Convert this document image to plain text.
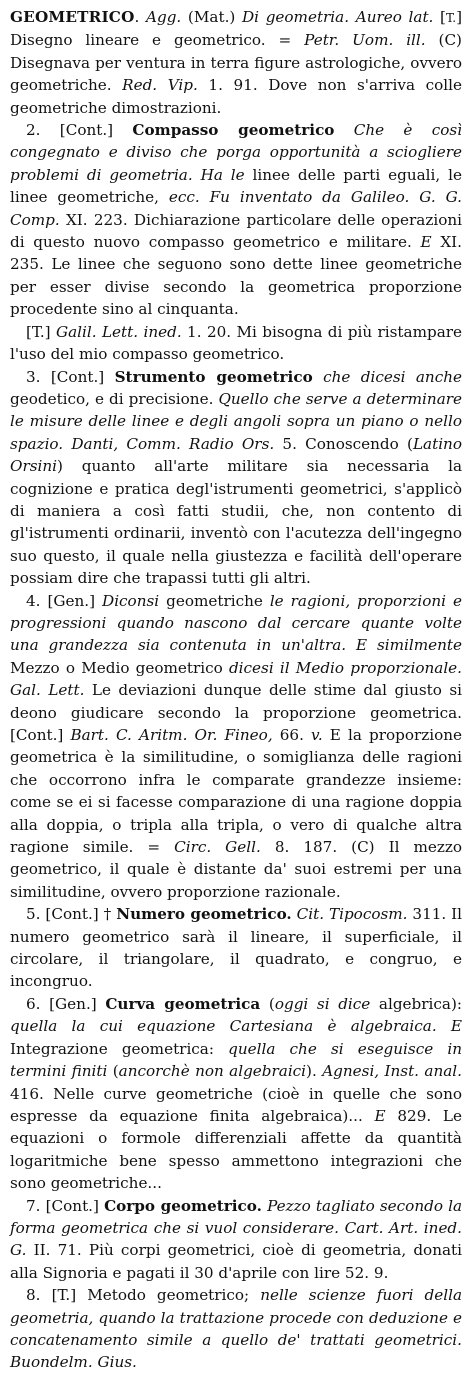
GEOMETRICO. Agg. (Mat.) Di geometria. Aureo lat. [T.] Disegno lineare e geometrico. = Petr. Uom. ill. (C) Disegnava per ventura in terra figure astrologiche, ovvero geometriche. Red. Vip. 1. 91. Dove non s'arriva colle geometriche dimostrazioni.

2. [Cont.] Compasso geometrico Che è così congegnato e diviso che porga opportunità a sciogliere problemi di geometria. Ha le linee delle parti eguali, le linee geometriche, ecc. Fu inventato da Galileo. G. G. Comp. XI. 223. Dichiarazione particolare delle operazioni di questo nuovo compasso geometrico e militare. E XI. 235. Le linee che seguono sono dette linee geometriche per esser divise secondo la geometrica proporzione procedente sino al cinquanta.

[T.] Galil. Lett. ined. 1. 20. Mi bisogna di più ristampare l'uso del mio compasso geometrico.

3. [Cont.] Strumento geometrico che dicesi anche geodetico, e di precisione. Quello che serve a determinare le misure delle linee e degli angoli sopra un piano o nello spazio. Danti, Comm. Radio Ors. 5. Conoscendo (Latino Orsini) quanto all'arte militare sia necessaria la cognizione e pratica degl'istrumenti geometrici, s'applicò di maniera a così fatti studii, che, non contento di gl'istrumenti ordinarii, inventò con l'acutezza dell'ingegno suo questo, il quale nella giustezza e facilità dell'operare possiam dire che trapassi tutti gli altri.

4. [Gen.] Diconsi geometriche le ragioni, proporzioni e progressioni quando nascono dal cercare quante volte una grandezza sia contenuta in un'altra. E similmente Mezzo o Medio geometrico dicesi il Medio proporzionale. Gal. Lett. Le deviazioni dunque delle stime dal giusto si deono giudicare secondo la proporzione geometrica. [Cont.] Bart. C. Aritm. Or. Fineo, 66. v. E la proporzione geometrica è la similitudine, o somiglianza delle ragioni che occorrono infra le comparate grandezze insieme: come se ei si facesse comparazione di una ragione doppia alla doppia, o tripla alla tripla, o vero di qualche altra ragione simile. = Circ. Gell. 8. 187. (C) Il mezzo geometrico, il quale è distante da' suoi estremi per una similitudine, ovvero proporzione razionale.

5. [Cont.] † Numero geometrico. Cit. Tipocosm. 311. Il numero geometrico sarà il lineare, il superficiale, il circolare, il triangolare, il quadrato, e congruo, e incongruo.

6. [Gen.] Curva geometrica (oggi si dice algebrica): quella la cui equazione Cartesiana è algebraica. E Integrazione geometrica: quella che si eseguisce in termini finiti (ancorchè non algebraici). Agnesi, Inst. anal. 416. Nelle curve geometriche (cioè in quelle che sono espresse da equazione finita algebraica)... E 829. Le equazioni o formole differenziali affette da quantità logaritmiche bene spesso ammettono integrazioni che sono geometriche...

7. [Cont.] Corpo geometrico. Pezzo tagliato secondo la forma geometrica che si vuol considerare. Cart. Art. ined. G. II. 71. Più corpi geometrici, cioè di geometria, donati alla Signoria e pagati il 30 d'aprile con lire 52. 9.

8. [T.] Metodo geometrico; nelle scienze fuori della geometria, quando la trattazione procede con deduzione e concatenamento simile a quello de' trattati geometrici. Buondelm. Gius.
